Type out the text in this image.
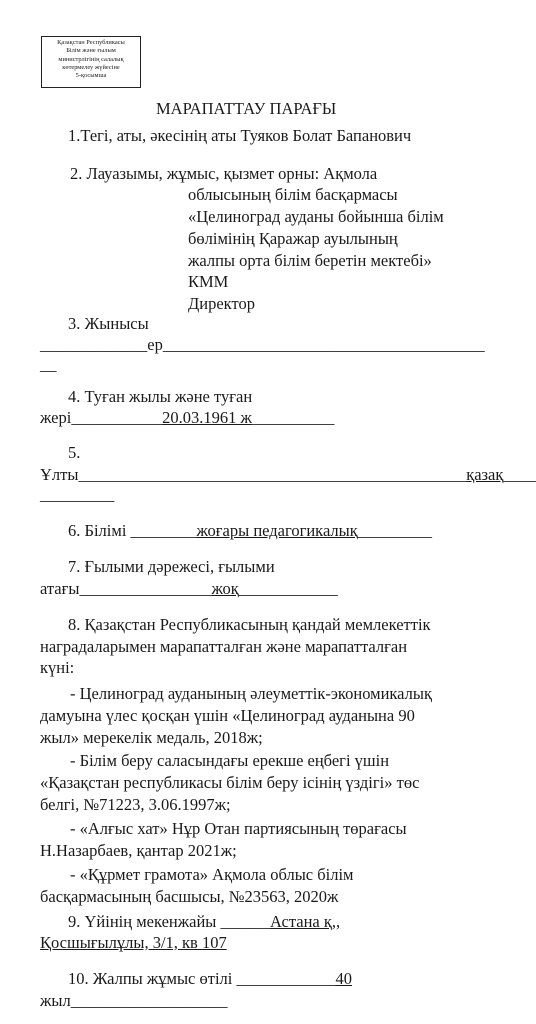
Қазақстан Республикасы
Білім және ғылым
министрлігінің салалық
көтермелеу жүйесіне
5-қосымша
МАРАПАТТАУ ПАРАҒЫ
1.Тегі, аты, әкесінің аты Туяков Болат Бапанович
2. Лауазымы, жұмыс, қызмет орны: Ақмола
облысының білім басқармасы
«Целиноград ауданы бойынша білім
бөлімінің Қаражар ауылының
жалпы орта білім беретін мектебі»
КММ
Директор
3. Жынысы
_____________ер_______________________________________
__
4. Туған жылы және туған
жері___________20.03.1961 ж__________
5.
Ұлты_______________________________________________қазақ____
_________
6. Білімі ________жоғары педагогикалық_________
7. Ғылыми дәрежесі, ғылыми
атағы________________жоқ____________
8. Қазақстан Республикасының қандай мемлекеттік
наградаларымен марапатталған және марапатталған
күні:
- Целиноград ауданының әлеуметтік-экономикалық
дамуына үлес қосқан үшін «Целиноград ауданына 90
жыл» мерекелік медаль, 2018ж;
- Білім беру саласындағы ерекше еңбегі үшін
«Қазақстан республикасы білім беру ісінің үздігі» төс
белгі, №71223, 3.06.1997ж;
- «Алғыс хат» Нұр Отан партиясының төрағасы
Н.Назарбаев, қантар 2021ж;
- «Құрмет грамота» Ақмола облыс білім
басқармасының басшысы, №23563, 2020ж
9. Үйінің мекенжайы ______Астана қ,,
Қосшығылұлы, 3/1, кв 107
10. Жалпы жұмыс өтілі ____________40
жыл___________________
